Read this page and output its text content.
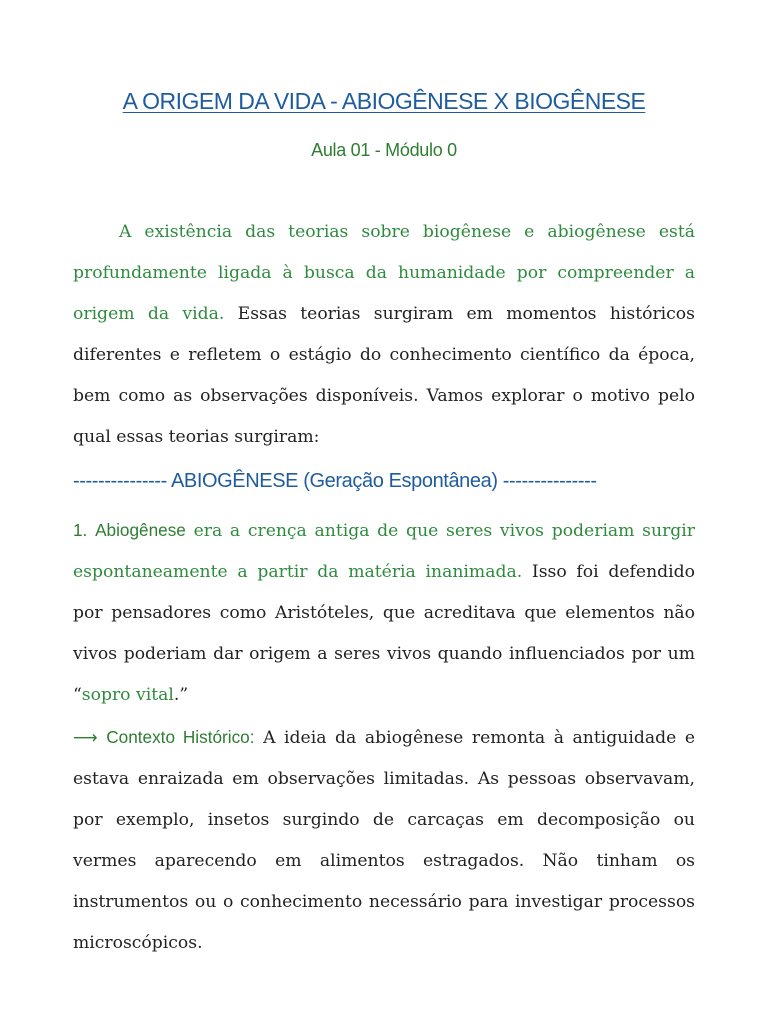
A ORIGEM DA VIDA - ABIOGÊNESE X BIOGÊNESE
Aula 01 - Módulo 0

A existência das teorias sobre biogênese e abiogênese está profundamente ligada à busca da humanidade por compreender a origem da vida. Essas teorias surgiram em momentos históricos diferentes e refletem o estágio do conhecimento científico da época, bem como as observações disponíveis. Vamos explorar o motivo pelo qual essas teorias surgiram:

--------------- ABIOGÊNESE (Geração Espontânea) ---------------

1. Abiogênese era a crença antiga de que seres vivos poderiam surgir espontaneamente a partir da matéria inanimada. Isso foi defendido por pensadores como Aristóteles, que acreditava que elementos não vivos poderiam dar origem a seres vivos quando influenciados por um “sopro vital.”

⟶ Contexto Histórico: A ideia da abiogênese remonta à antiguidade e estava enraizada em observações limitadas. As pessoas observavam, por exemplo, insetos surgindo de carcaças em decomposição ou vermes aparecendo em alimentos estragados. Não tinham os instrumentos ou o conhecimento necessário para investigar processos microscópicos.
